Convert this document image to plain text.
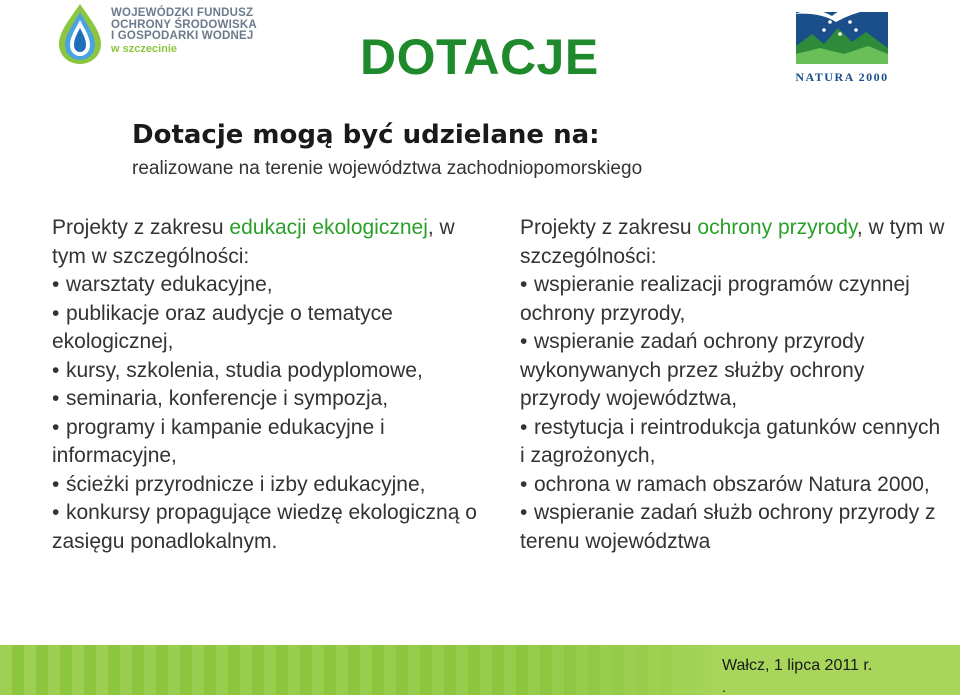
WOJEWÓDZKI FUNDUSZ
OCHRONY ŚRODOWISKA
I GOSPODARKI WODNEJ
w szczecinie	DOTACJE	NATURA 2000
Dotacje mogą być udzielane na:
realizowane na terenie województwa zachodniopomorskiego
Projekty z zakresu edukacji ekologicznej, w tym w szczególności:
• warsztaty edukacyjne,
• publikacje oraz audycje o tematyce ekologicznej,
• kursy, szkolenia, studia podyplomowe,
• seminaria, konferencje i sympozja,
• programy i kampanie edukacyjne i informacyjne,
• ścieżki przyrodnicze i izby edukacyjne,
• konkursy propagujące wiedzę ekologiczną o zasięgu ponadlokalnym.
Projekty z zakresu ochrony przyrody, w tym w szczególności:
• wspieranie realizacji programów czynnej ochrony przyrody,
• wspieranie zadań ochrony przyrody wykonywanych przez służby ochrony przyrody województwa,
• restytucja i reintrodukcja gatunków cennych i zagrożonych,
• ochrona w ramach obszarów Natura 2000,
• wspieranie zadań służb ochrony przyrody z terenu województwa
Wałcz, 1 lipca 2011 r.
.
